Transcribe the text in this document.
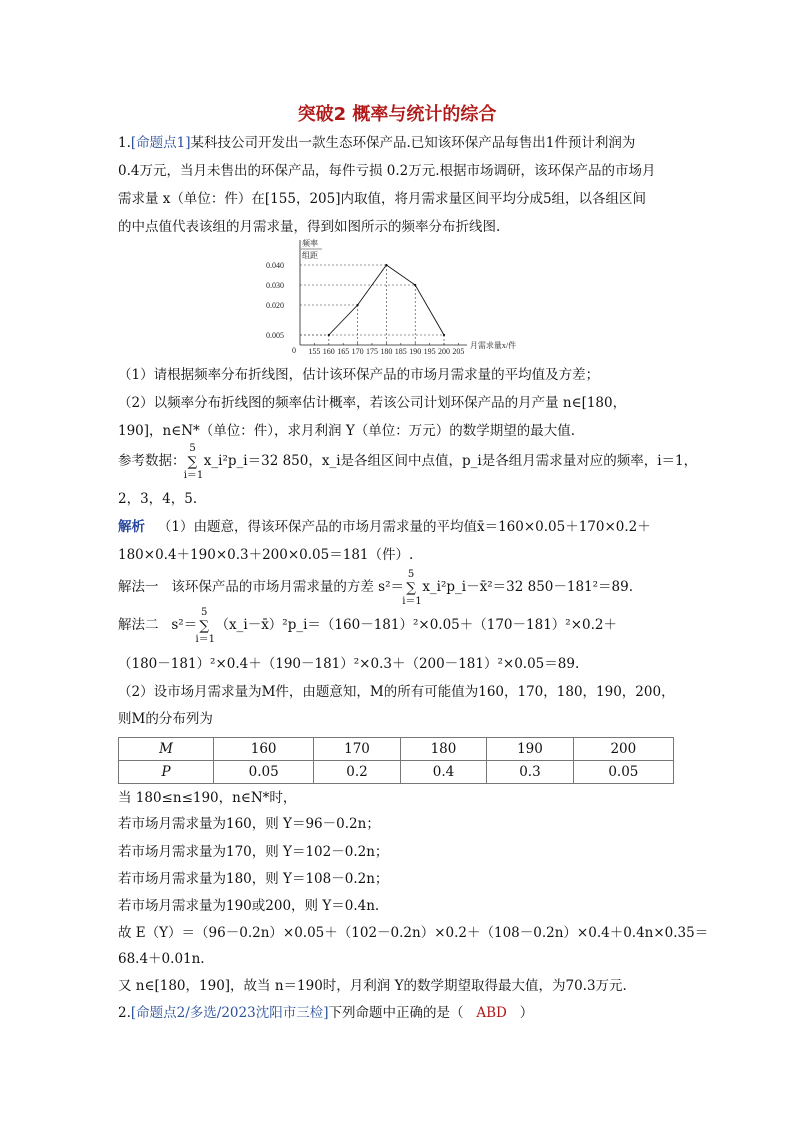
突破2 概率与统计的综合
1.[命题点1]某科技公司开发出一款生态环保产品.已知该环保产品每售出1件预计利润为
0.4万元，当月未售出的环保产品，每件亏损 0.2万元.根据市场调研，该环保产品的市场月
需求量 x（单位：件）在[155，205]内取值，将月需求量区间平均分成5组，以各组区间
的中点值代表该组的月需求量，得到如图所示的频率分布折线图.
频率
组距
月需求量x/件
0 155 160 165 170 175 180 185 190 195 200 205
0.005
0.020
0.030
0.040
（1）请根据频率分布折线图，估计该环保产品的市场月需求量的平均值及方差；
（2）以频率分布折线图的频率估计概率，若该公司计划环保产品的月产量 n∈[180，
190]，n∈N*（单位：件），求月利润 Y（单位：万元）的数学期望的最大值.
参考数据： ∑
5
i＝1
x_i²p_i＝32 850，x_i是各组区间中点值，p_i是各组月需求量对应的频率，i＝1，
2，3，4，5.
解析 （1）由题意，得该环保产品的市场月需求量的平均值x̄＝160×0.05＋170×0.2＋
180×0.4＋190×0.3＋200×0.05＝181（件）.
解法一 该环保产品的市场月需求量的方差 s²＝ ∑
5
i＝1
x_i²p_i－x̄²＝32 850－181²＝89.
解法二 s²＝ ∑
5
i＝1
（x_i－x̄）²p_i＝（160－181）²×0.05＋（170－181）²×0.2＋
（180－181）²×0.4＋（190－181）²×0.3＋（200－181）²×0.05＝89.
（2）设市场月需求量为M件，由题意知，M的所有可能值为160，170，180，190，200，
则M的分布列为
M	160	170	180	190	200
P	0.05	0.2	0.4	0.3	0.05
当 180≤n≤190，n∈N*时，
若市场月需求量为160，则 Y＝96－0.2n；
若市场月需求量为170，则 Y＝102－0.2n；
若市场月需求量为180，则 Y＝108－0.2n；
若市场月需求量为190或200，则 Y＝0.4n.
故 E（Y）＝（96－0.2n）×0.05＋（102－0.2n）×0.2＋（108－0.2n）×0.4＋0.4n×0.35＝
68.4＋0.01n.
又 n∈[180，190]，故当 n＝190时，月利润 Y的数学期望取得最大值，为70.3万元.
2.[命题点2/多选/2023沈阳市三检]下列命题中正确的是（ ABD ）
